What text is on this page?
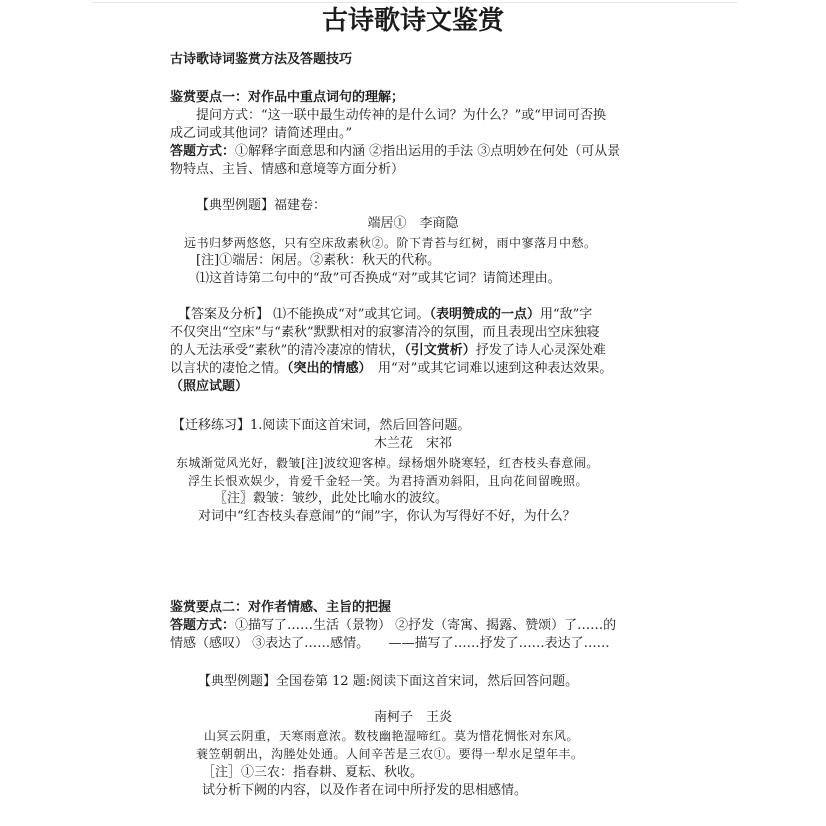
古诗歌诗文鉴赏
古诗歌诗词鉴赏方法及答题技巧
鉴赏要点一：对作品中重点词句的理解；
提问方式：“这一联中最生动传神的是什么词？为什么？”或“甲词可否换
成乙词或其他词？请简述理由。”
答题方式：①解释字面意思和内涵 ②指出运用的手法 ③点明妙在何处（可从景
物特点、主旨、情感和意境等方面分析）
【典型例题】福建卷：
端居①　李商隐
远书归梦两悠悠，只有空床敌素秋②。阶下青苔与红树，雨中寥落月中愁。
[注]①端居：闲居。②素秋：秋天的代称。
⑴这首诗第二句中的“敌”可否换成“对”或其它词？请简述理由。
【答案及分析】 ⑴不能换成“对”或其它词。（表明赞成的一点）用“敌”字
不仅突出“空床”与“素秋”默默相对的寂寥清冷的氛围，而且表现出空床独寝
的人无法承受“素秋”的清冷凄凉的情状，（引文赏析）抒发了诗人心灵深处难
以言状的凄怆之情。（突出的情感）　用“对”或其它词难以速到这种表达效果。
（照应试题）
【迁移练习】1.阅读下面这首宋词，然后回答问题。
木兰花　宋祁
东城渐觉风光好，縠皱[注]波纹迎客棹。绿杨烟外晓寒轻，红杏枝头春意闹。
浮生长恨欢娱少，肯爱千金轻一笑。为君持酒劝斜阳，且向花间留晚照。
〖注〗縠皱：皱纱，此处比喻水的波纹。
对词中“红杏枝头春意闹”的“闹”字，你认为写得好不好，为什么？
鉴赏要点二：对作者情感、主旨的把握
答题方式：①描写了……生活（景物） ②抒发（寄寓、揭露、赞颂）了……的
情感（感叹） ③表达了……感情。　　——描写了……抒发了……表达了……
【典型例题】全国卷第 12 题:阅读下面这首宋词，然后回答问题。
南柯子　王炎
山冥云阴重，天寒雨意浓。数枝幽艳湿啼红。莫为惜花惆怅对东风。
蓑笠朝朝出，沟塍处处通。人间辛苦是三农①。要得一犁水足望年丰。
［注］①三农：指春耕、夏耘、秋收。
试分析下阙的内容，以及作者在词中所抒发的思相感情。
